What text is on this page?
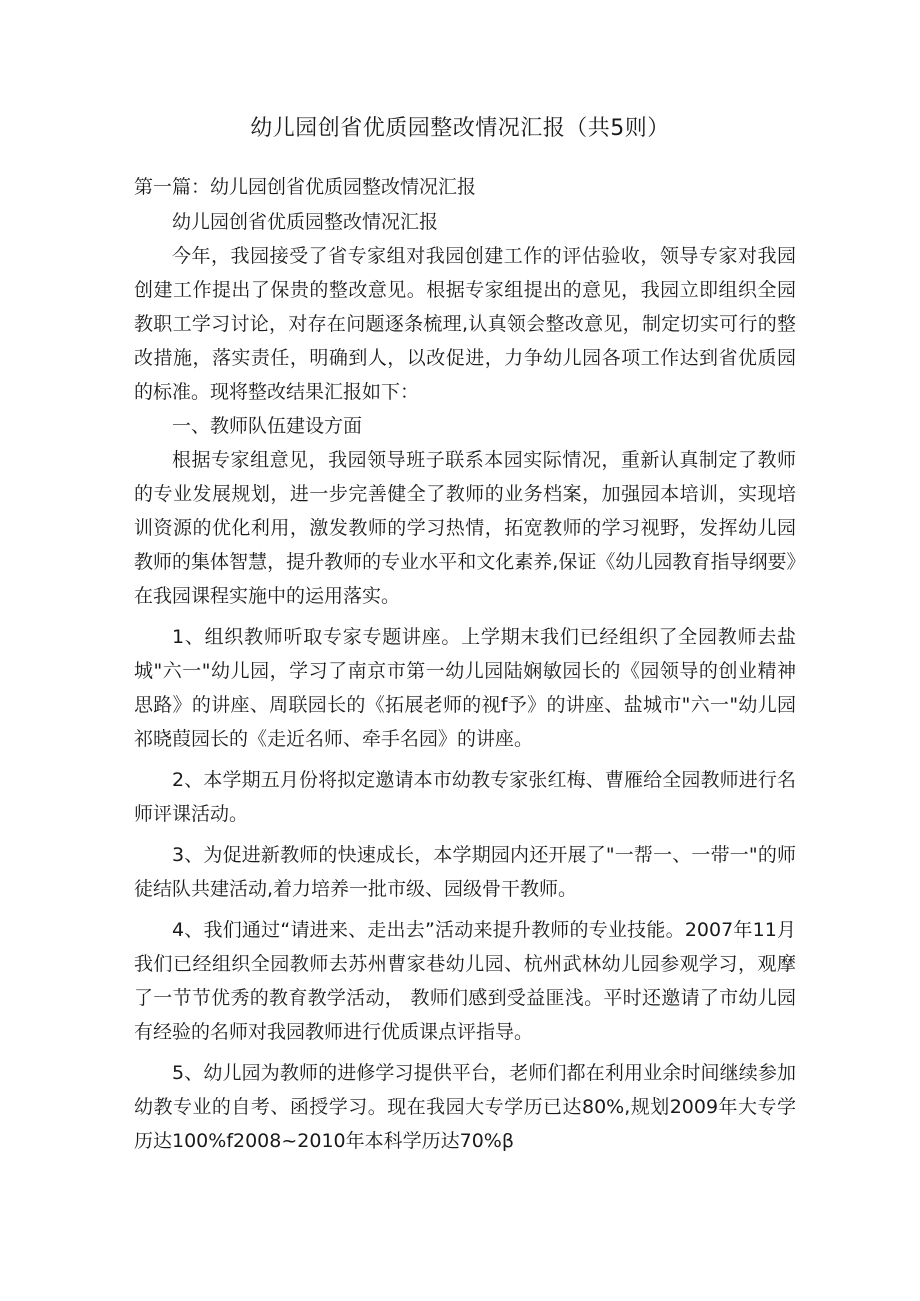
幼儿园创省优质园整改情况汇报（共5则）
第一篇：幼儿园创省优质园整改情况汇报

幼儿园创省优质园整改情况汇报

今年，我园接受了省专家组对我园创建工作的评估验收，领导专家对我园创建工作提出了保贵的整改意见。根据专家组提出的意见，我园立即组织全园教职工学习讨论，对存在问题逐条梳理,认真领会整改意见，制定切实可行的整改措施，落实责任，明确到人，以改促进，力争幼儿园各项工作达到省优质园的标准。现将整改结果汇报如下：

一、教师队伍建设方面

根据专家组意见，我园领导班子联系本园实际情况，重新认真制定了教师的专业发展规划，进一步完善健全了教师的业务档案，加强园本培训，实现培训资源的优化利用，激发教师的学习热情，拓宽教师的学习视野，发挥幼儿园教师的集体智慧，提升教师的专业水平和文化素养,保证《幼儿园教育指导纲要》在我园课程实施中的运用落实。

1、组织教师听取专家专题讲座。上学期末我们已经组织了全园教师去盐城"六一"幼儿园，学习了南京市第一幼儿园陆娴敏园长的《园领导的创业精神思路》的讲座、周联园长的《拓展老师的视f予》的讲座、盐城市"六一"幼儿园祁晓葭园长的《走近名师、牵手名园》的讲座。

2、本学期五月份将拟定邀请本市幼教专家张红梅、曹雁给全园教师进行名师评课活动。

3、为促进新教师的快速成长，本学期园内还开展了"一帮一、一带一"的师徒结队共建活动,着力培养一批市级、园级骨干教师。

4、我们通过“请进来、走出去”活动来提升教师的专业技能。2007年11月我们已经组织全园教师去苏州曹家巷幼儿园、杭州武林幼儿园参观学习，观摩了一节节优秀的教育教学活动， 教师们感到受益匪浅。平时还邀请了市幼儿园有经验的名师对我园教师进行优质课点评指导。

5、幼儿园为教师的进修学习提供平台，老师们都在利用业余时间继续参加幼教专业的自考、函授学习。现在我园大专学历已达80%,规划2009年大专学历达100%f2008~2010年本科学历达70%β
